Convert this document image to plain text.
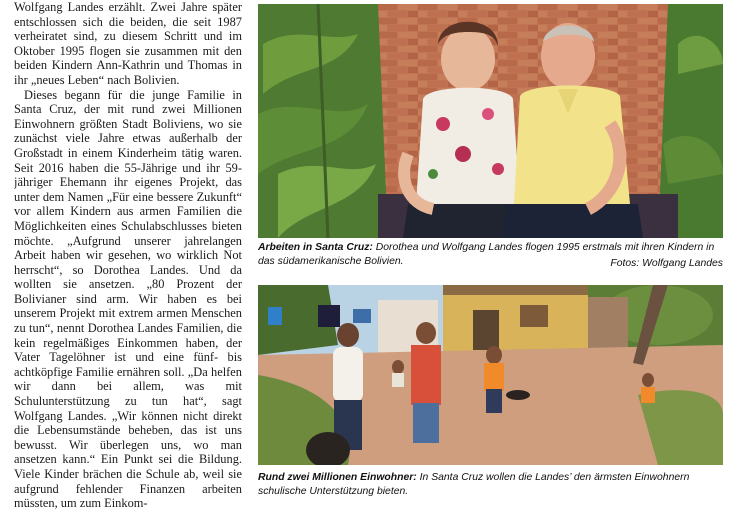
Wolfgang Landes erzählt. Zwei Jahre später entschlossen sich die beiden, die seit 1987 verheiratet sind, zu diesem Schritt und im Oktober 1995 flogen sie zusammen mit den beiden Kindern Ann-Kathrin und Thomas in ihr „neues Leben“ nach Bolivien.

Dieses begann für die junge Familie in Santa Cruz, der mit rund zwei Millionen Einwohnern größten Stadt Boliviens, wo sie zunächst viele Jahre etwas außerhalb der Großstadt in einem Kinderheim tätig waren. Seit 2016 haben die 55-Jährige und ihr 59-jähriger Ehemann ihr eigenes Projekt, das unter dem Namen „Für eine bessere Zukunft“ vor allem Kindern aus armen Familien die Möglichkeiten eines Schulabschlusses bieten möchte. „Aufgrund unserer jahrelangen Arbeit haben wir gesehen, wo wirklich Not herrscht“, so Dorothea Landes. Und da wollten sie ansetzen. „80 Prozent der Bolivianer sind arm. Wir haben es bei unserem Projekt mit extrem armen Menschen zu tun“, nennt Dorothea Landes Familien, die kein regelmäßiges Einkommen haben, der Vater Tagelöhner ist und eine fünf- bis achtköpfige Familie ernähren soll. „Da helfen wir dann bei allem, was mit Schulunterstützung zu tun hat“, sagt Wolfgang Landes. „Wir können nicht direkt die Lebensumstände beheben, das ist uns bewusst. Wir überlegen uns, wo man ansetzen kann.“ Ein Punkt sei die Bildung. Viele Kinder brächen die Schule ab, weil sie aufgrund fehlender Finanzen arbeiten müssten, um zum Einkom-

Arbeiten in Santa Cruz: Dorothea und Wolfgang Landes flogen 1995 erstmals mit ihren Kindern in das südamerikanische Bolivien.	Fotos: Wolfgang Landes
Rund zwei Millionen Einwohner: In Santa Cruz wollen die Landes’ den ärmsten Einwohnern schulische Unterstützung bieten.
